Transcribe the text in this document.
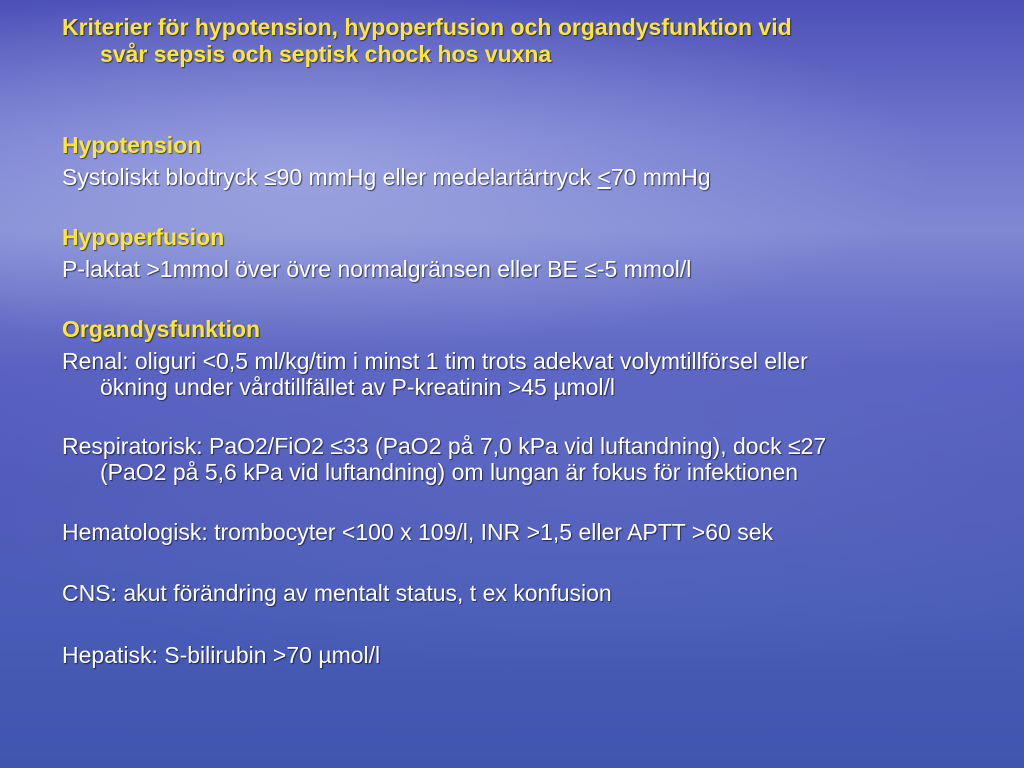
Kriterier för hypotension, hypoperfusion och organdysfunktion vid
svår sepsis och septisk chock hos vuxna
Hypotension
Systoliskt blodtryck ≤90 mmHg eller medelartärtryck <70 mmHg
Hypoperfusion
P-laktat >1mmol över övre normalgränsen eller BE ≤-5 mmol/l
Organdysfunktion
Renal: oliguri <0,5 ml/kg/tim i minst 1 tim trots adekvat volymtillförsel eller
ökning under vårdtillfället av P-kreatinin >45 µmol/l
Respiratorisk: PaO2/FiO2 ≤33 (PaO2 på 7,0 kPa vid luftandning), dock ≤27
(PaO2 på 5,6 kPa vid luftandning) om lungan är fokus för infektionen
Hematologisk: trombocyter <100 x 109/l, INR >1,5 eller APTT >60 sek
CNS: akut förändring av mentalt status, t ex konfusion
Hepatisk: S-bilirubin >70 µmol/l
